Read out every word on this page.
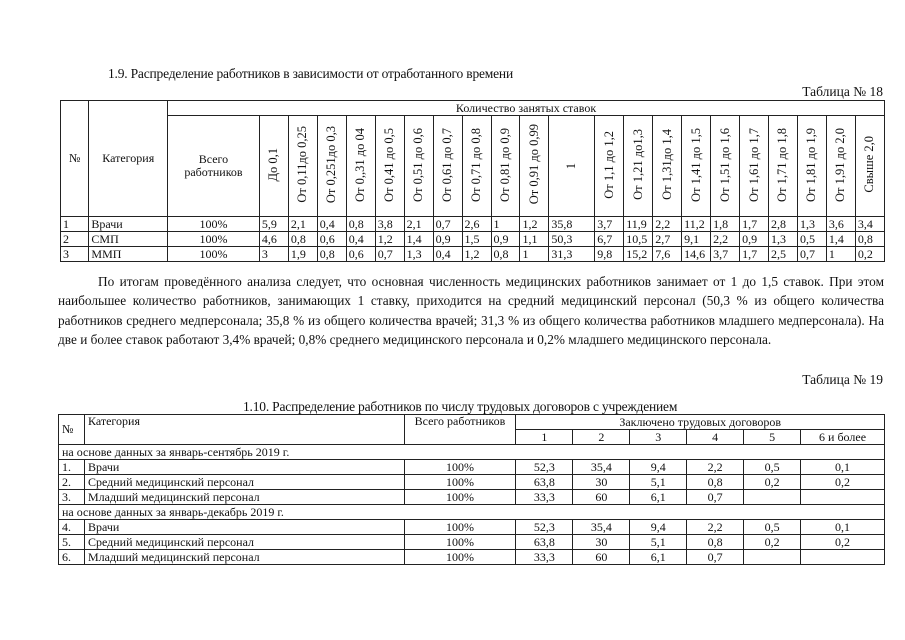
1.9. Распределение работников в зависимости от отработанного времени
Таблица № 18
№	Категория	Количество занятых ставок																					
		Всего работников	До 0,1	От 0,11до 0,25	От 0,251до 0,3	От 0,,31 до 04	От 0,41 до 0,5	От 0,51 до 0,6	От 0,61 до 0,7	От 0,71 до 0,8	От 0,81 до 0,9	От 0,91 до 0,99	1	От 1,1 до 1,2	От 1,21 до1,3	От 1,31до 1,4	От 1,41 до 1,5	От 1,51 до 1,6	От 1,61 до 1,7	От 1,71 до 1,8	От 1,81 до 1,9	От 1,91 до 2,0	Свыше 2,0
1	Врачи	100%	5,9	2,1	0,4	0,8	3,8	2,1	0,7	2,6	1	1,2	35,8	3,7	11,9	2,2	11,2	1,8	1,7	2,8	1,3	3,6	3,4
2	СМП	100%	4,6	0,8	0,6	0,4	1,2	1,4	0,9	1,5	0,9	1,1	50,3	6,7	10,5	2,7	9,1	2,2	0,9	1,3	0,5	1,4	0,8
3	ММП	100%	3	1,9	0,8	0,6	0,7	1,3	0,4	1,2	0,8	1	31,3	9,8	15,2	7,6	14,6	3,7	1,7	2,5	0,7	1	0,2
По итогам проведённого анализа следует, что основная численность медицинских работников занимает от 1 до 1,5 ставок. При этом наибольшее количество работников, занимающих 1 ставку, приходится на средний медицинский персонал (50,3 % из общего количества работников среднего медперсонала; 35,8 % из общего количества врачей; 31,3 % из общего количества работников младшего медперсонала). На две и более ставок работают 3,4% врачей; 0,8% среднего медицинского персонала и 0,2% младшего медицинского персонала.
Таблица № 19
1.10. Распределение работников по числу трудовых договоров с учреждением
№	Категория	Всего работников	Заключено трудовых договоров					
			1	2	3	4	5	6 и более
на основе данных за январь-сентябрь 2019 г.								
1.	Врачи	100%	52,3	35,4	9,4	2,2	0,5	0,1
2.	Средний медицинский персонал	100%	63,8	30	5,1	0,8	0,2	0,2
3.	Младший медицинский персонал	100%	33,3	60	6,1	0,7		
на основе данных за январь-декабрь 2019 г.								
4.	Врачи	100%	52,3	35,4	9,4	2,2	0,5	0,1
5.	Средний медицинский персонал	100%	63,8	30	5,1	0,8	0,2	0,2
6.	Младший медицинский персонал	100%	33,3	60	6,1	0,7		
